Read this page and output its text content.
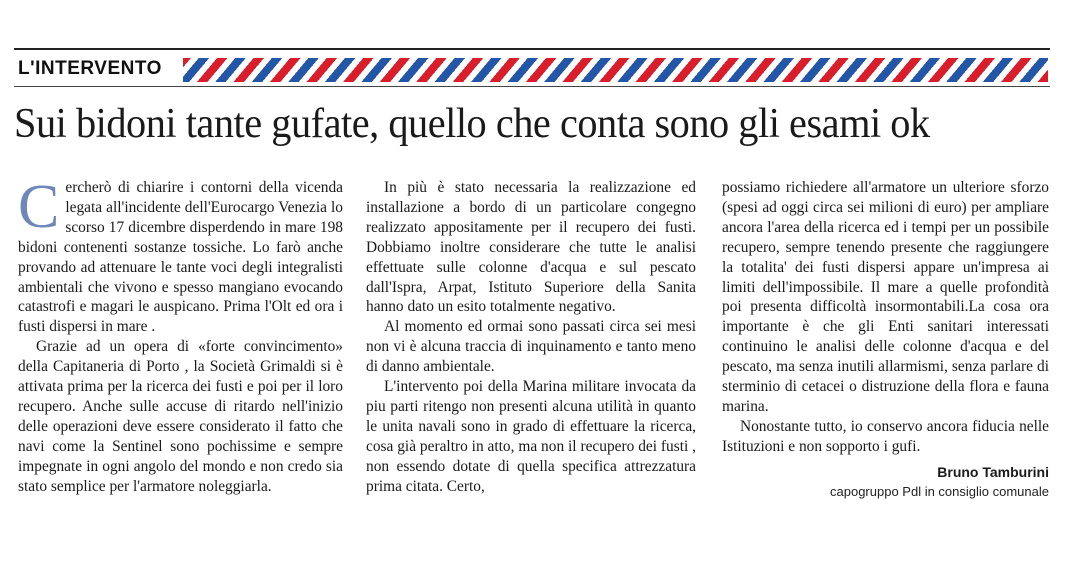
L'INTERVENTO
Sui bidoni tante gufate, quello che conta sono gli esami ok
C ercherò di chiarire i contorni della vicenda legata all'incidente dell'Eurocargo Venezia lo scorso 17 dicembre disperdendo in mare 198 bidoni contenenti sostanze tossiche. Lo farò anche provando ad attenuare le tante voci degli integralisti ambientali che vivono e spesso mangiano evocando catastrofi e magari le auspicano. Prima l'Olt ed ora i fusti dispersi in mare .

Grazie ad un opera di «forte convincimento» della Capitaneria di Porto , la Società Grimaldi si è attivata prima per la ricerca dei fusti e poi per il loro recupero. Anche sulle accuse di ritardo nell'inizio delle operazioni deve essere considerato il fatto che navi come la Sentinel sono pochissime e sempre impegnate in ogni angolo del mondo e non credo sia stato semplice per l'armatore noleggiarla.

In più è stato necessaria la realizzazione ed installazione a bordo di un particolare congegno realizzato appositamente per il recupero dei fusti. Dobbiamo inoltre considerare che tutte le analisi effettuate sulle colonne d'acqua e sul pescato dall'Ispra, Arpat, Istituto Superiore della Sanita hanno dato un esito totalmente negativo.

Al momento ed ormai sono passati circa sei mesi non vi è alcuna traccia di inquinamento e tanto meno di danno ambientale.

L'intervento poi della Marina militare invocata da piu parti ritengo non presenti alcuna utilità in quanto le unita navali sono in grado di effettuare la ricerca, cosa già peraltro in atto, ma non il recupero dei fusti , non essendo dotate di quella specifica attrezzatura prima citata. Certo,

possiamo richiedere all'armatore un ulteriore sforzo (spesi ad oggi circa sei milioni di euro) per ampliare ancora l'area della ricerca ed i tempi per un possibile recupero, sempre tenendo presente che raggiungere la totalita' dei fusti dispersi appare un'impresa ai limiti dell'impossibile. Il mare a quelle profondità poi presenta difficoltà insormontabili.La cosa ora importante è che gli Enti sanitari interessati continuino le analisi delle colonne d'acqua e del pescato, ma senza inutili allarmismi, senza parlare di sterminio di cetacei o distruzione della flora e fauna marina.

Nonostante tutto, io conservo ancora fiducia nelle Istituzioni e non sopporto i gufi.

Bruno Tamburini
capogruppo Pdl in consiglio comunale
